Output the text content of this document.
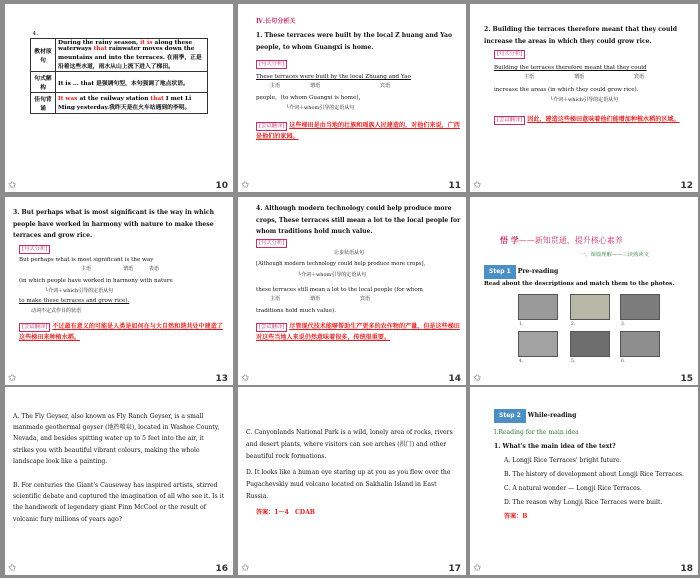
4.	
教材原句	During the rainy season, it is along these waterways that rainwater moves down the mountains and into the terraces. 在雨季，正是沿着这些水道，雨水从山上流下进入了梯田。
句式解构	It is … that 是强调句型，本句强调了地点状语。
佳句背诵	It was at the railway station that I met Li Ming yesterday.我昨天是在火车站遇到的李明。
✩	10
Ⅳ.长句分析关
1. These terraces were built by the local Z huang and Yao people, to whom Guangxi is home.
[句式分析]
These terraces were built by the local Zhuang and Yao
主语	谓语	宾语
people，(to whom Guangxi is home)，
└介词＋whom引导的定语从句
[尝试翻译] 这些梯田是由当地的壮族和瑶族人民建造的，对他们来说，广西是他们的家园。
✩	11
2. Building the terraces therefore meant that they could increase the areas in which they could grow rice.
[句式分析]
Building the terraces therefore meant that they could
主语	谓语	宾语
increase the areas (in which they could grow rice).
└介词＋which引导的定语从句
[尝试翻译] 因此，建造这些梯田意味着他们能增加种植水稻的区域。
✩	12
3. But perhaps what is most significant is the way in which people have worked in harmony with nature to make these terraces and grow rice.
[句式分析]
But perhaps what is most significant is the way
主语	谓语	表语
(in which people have worked in harmony with nature
└介词＋which引导的定语从句
to make these terraces and grow rice).
动词不定式作目的状语
[尝试翻译] 不过最有意义的可能是人类是如何在与大自然和谐共处中建造了这些梯田来种植水稻。
✩	13
4. Although modern technology could help produce more crops, These terraces still mean a lot to the local people for whom traditions hold much value.
[句式分析]
让步状语从句
[Although modern technology could help produce more crops]，
these terraces still mean a lot to the local people (for whom
主语	谓语	宾语
└介词＋whom引导的定语从句
traditions hold much value).
[尝试翻译] 尽管现代技术能够帮助生产更多的农作物的产量，但是这些梯田对这些当地人来说仍然意味着很多，传统很重要。
✩	14
悟 学——新知贯通，提升核心素养
一、课篇理解——三读熟读文
Step 1 Pre-reading
Read about the descriptions and match them to the photos.
1.	2.	3.
4.	5.	6.
✩	15
A. The Fly Geyser, also known as Fly Ranch Geyser, is a small manmade geothermal geyser (地热喷泉), located in Washoe County, Nevada, and besides spitting water up to 5 feet into the air, it strikes you with beautiful vibrant colours, making the whole landscape look like a painting.
B. For centuries the Giant's Causeway has inspired artists, stirred scientific debate and captured the imagination of all who see it. Is it the handiwork of legendary giant Finn McCool or the result of volcanic fury millions of years ago?
✩	16
C. Canyonlands National Park is a wild, lonely area of rocks, rivers and desert plants, where visitors can see arches (拱门) and other beautiful rock formations.
D. It looks like a human eye staring up at you as you flew over the Pugachevskiy mud volcano located on Sakhalin Island in East Russia.
答案：1～4　CDAB
✩	17
Step 2 While-reading
Ⅰ.Reading for the main idea
1. What's the main idea of the text?
A. Longji Rice Terraces' bright future.
B. The history of development about Longji Rice Terraces.
C. A natural wonder — Longji Rice Terraces.
D. The reason why Longji Rice Terraces were built.
答案：B
✩	18
